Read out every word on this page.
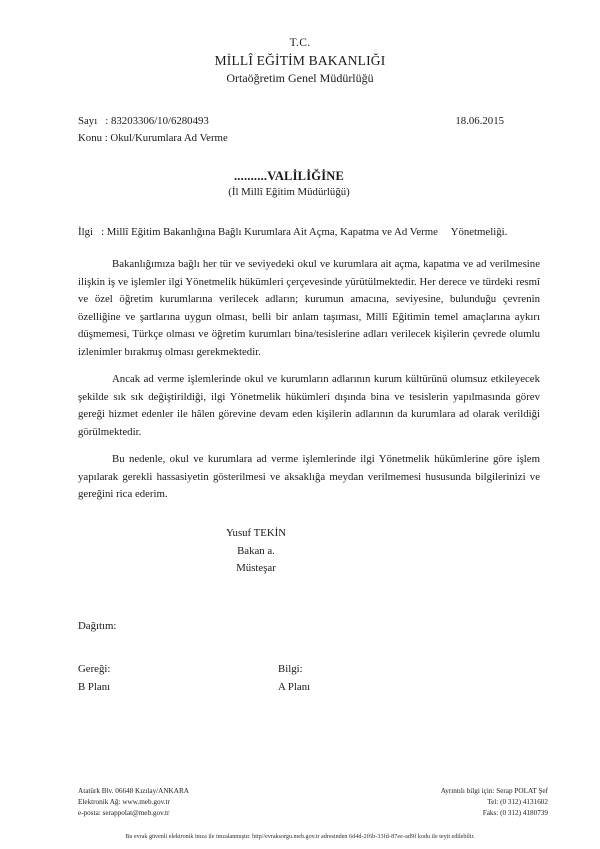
T.C.
MİLLÎ EĞİTİM BAKANLIĞI
Ortaöğretim Genel Müdürlüğü
Sayı   : 83203306/10/6280493	18.06.2015
Konu : Okul/Kurumlara Ad Verme
..........VALİLİĞİNE
(İl Millî Eğitim Müdürlüğü)
İlgi   : Millî Eğitim Bakanlığına Bağlı Kurumlara Ait Açma, Kapatma ve Ad Verme Yönetmeliği.

Bakanlığımıza bağlı her tür ve seviyedeki okul ve kurumlara ait açma, kapatma ve ad verilmesine ilişkin iş ve işlemler ilgi Yönetmelik hükümleri çerçevesinde yürütülmektedir. Her derece ve türdeki resmî ve özel öğretim kurumlarına verilecek adların; kurumun amacına, seviyesine, bulunduğu çevrenin özelliğine ve şartlarına uygun olması, belli bir anlam taşıması, Millî Eğitimin temel amaçlarına aykırı düşmemesi, Türkçe olması ve öğretim kurumları bina/tesislerine adları verilecek kişilerin çevrede olumlu izlenimler bırakmış olması gerekmektedir.

Ancak ad verme işlemlerinde okul ve kurumların adlarının kurum kültürünü olumsuz etkileyecek şekilde sık sık değiştirildiği, ilgi Yönetmelik hükümleri dışında bina ve tesislerin yapılmasında görev gereği hizmet edenler ile hâlen görevine devam eden kişilerin adlarının da kurumlara ad olarak verildiği görülmektedir.

Bu nedenle, okul ve kurumlara ad verme işlemlerinde ilgi Yönetmelik hükümlerine göre işlem yapılarak gerekli hassasiyetin gösterilmesi ve aksaklığa meydan verilmemesi hususunda bilgilerinizi ve gereğini rica ederim.

Yusuf TEKİN
Bakan a.
Müsteşar
Dağıtım:
Gereği:
B Planı
Bilgi:
A Planı
Atatürk Blv. 06648 Kızılay/ANKARA
Elektronik Ağ: www.meb.gov.tr
e-posta: serappolat@meb.gov.tr
Ayrıntılı bilgi için: Serap POLAT Şef
Tel: (0 312) 4131602
Faks: (0 312) 4180739
Bu evrak güvenli elektronik imza ile imzalanmıştır. http//evraksorgu.meb.gov.tr adresinden 6d4d-2f6b-33fd-87ee-ad9f kodu ile teyit edilebilir.
